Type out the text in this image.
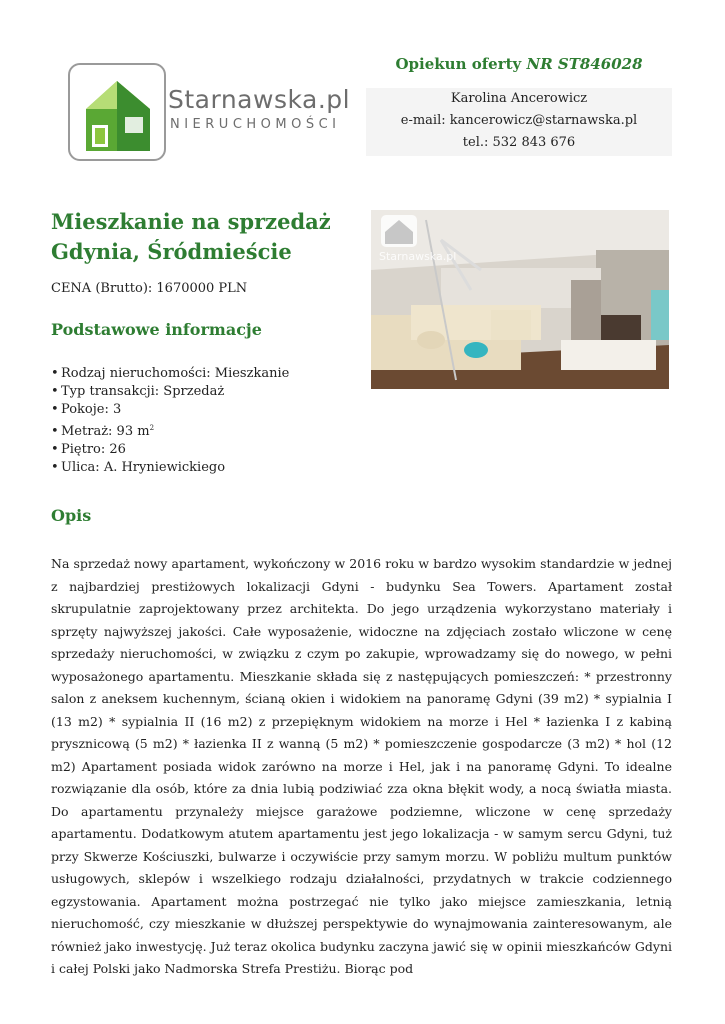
Starnawska.pl
NIERUCHOMOŚCI
Opiekun oferty NR ST846028
Karolina Ancerowicz
e-mail: kancerowicz@starnawska.pl
tel.: 532 843 676
Mieszkanie na sprzedaż
Gdynia, Śródmieście
CENA (Brutto): 1670000 PLN
Podstawowe informacje
• Rodzaj nieruchomości: Mieszkanie
• Typ transakcji: Sprzedaż
• Pokoje: 3
• Metraż: 93 $m^2$
• Piętro: 26
• Ulica: A. Hryniewickiego
Starnawska.pl
Opis

Na sprzedaż nowy apartament, wykończony w 2016 roku w bardzo wysokim standardzie w jednej z najbardziej prestiżowych lokalizacji Gdyni - budynku Sea Towers. Apartament został skrupulatnie zaprojektowany przez architekta. Do jego urządzenia wykorzystano materiały i sprzęty najwyższej jakości. Całe wyposażenie, widoczne na zdjęciach zostało wliczone w cenę sprzedaży nieruchomości, w związku z czym po zakupie, wprowadzamy się do nowego, w pełni wyposażonego apartamentu. Mieszkanie składa się z następujących pomieszczeń: * przestronny salon z aneksem kuchennym, ścianą okien i widokiem na panoramę Gdyni (39 m2) * sypialnia I (13 m2) * sypialnia II (16 m2) z przepięknym widokiem na morze i Hel * łazienka I z kabiną prysznicową (5 m2) * łazienka II z wanną (5 m2) * pomieszczenie gospodarcze (3 m2) * hol (12 m2) Apartament posiada widok zarówno na morze i Hel, jak i na panoramę Gdyni. To idealne rozwiązanie dla osób, które za dnia lubią podziwiać zza okna błękit wody, a nocą światła miasta. Do apartamentu przynależy miejsce garażowe podziemne, wliczone w cenę sprzedaży apartamentu. Dodatkowym atutem apartamentu jest jego lokalizacja - w samym sercu Gdyni, tuż przy Skwerze Kościuszki, bulwarze i oczywiście przy samym morzu. W pobliżu multum punktów usługowych, sklepów i wszelkiego rodzaju działalności, przydatnych w trakcie codziennego egzystowania. Apartament można postrzegać nie tylko jako miejsce zamieszkania, letnią nieruchomość, czy mieszkanie w dłuższej perspektywie do wynajmowania zainteresowanym, ale również jako inwestycję. Już teraz okolica budynku zaczyna jawić się w opinii mieszkańców Gdyni i całej Polski jako Nadmorska Strefa Prestiżu. Biorąc pod
